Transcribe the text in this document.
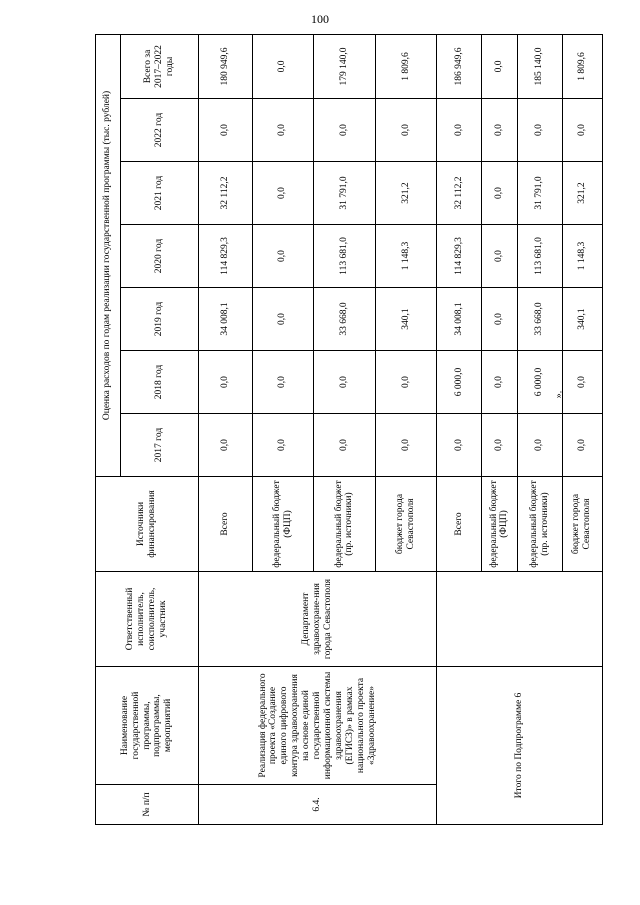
100
№ п/п	Наименование государственной программы, подпрограммы, мероприятий	Ответственный исполнитель, соисполнитель, участник	Источники финансирования	Оценка расходов по годам реализации государственной программы (тыс. рублей)						
				2017 год	2018 год	2019 год	2020 год	2021 год	2022 год	Всего за 2017–2022 годы
6.4.	Реализация федерального проекта «Создание единого цифрового контура здравоохранения на основе единой государственной информационной системы здравоохранения (ЕГИСЗ)» в рамках национального проекта «Здравоохранение»	Департамент здравоохране-ния города Севастополя	Всего	0,0	0,0	34 008,1	114 829,3	32 112,2	0,0	180 949,6
			федеральный бюджет (ФЦП)	0,0	0,0	0,0	0,0	0,0	0,0	0,0
			федеральный бюджет (пр. источники)	0,0	0,0	33 668,0	113 681,0	31 791,0	0,0	179 140,0
			бюджет города Севастополя	0,0	0,0	340,1	1 148,3	321,2	0,0	1 809,6
Итого по Подпрограмме 6			Всего	0,0	6 000,0	34 008,1	114 829,3	32 112,2	0,0	186 949,6
			федеральный бюджет (ФЦП)	0,0	0,0	0,0	0,0	0,0	0,0	0,0
			федеральный бюджет (пр. источники)	0,0	6 000,0	33 668,0	113 681,0	31 791,0	0,0	185 140,0
			бюджет города Севастополя	0,0	0,0	340,1	1 148,3	321,2	0,0	1 809,6
».
